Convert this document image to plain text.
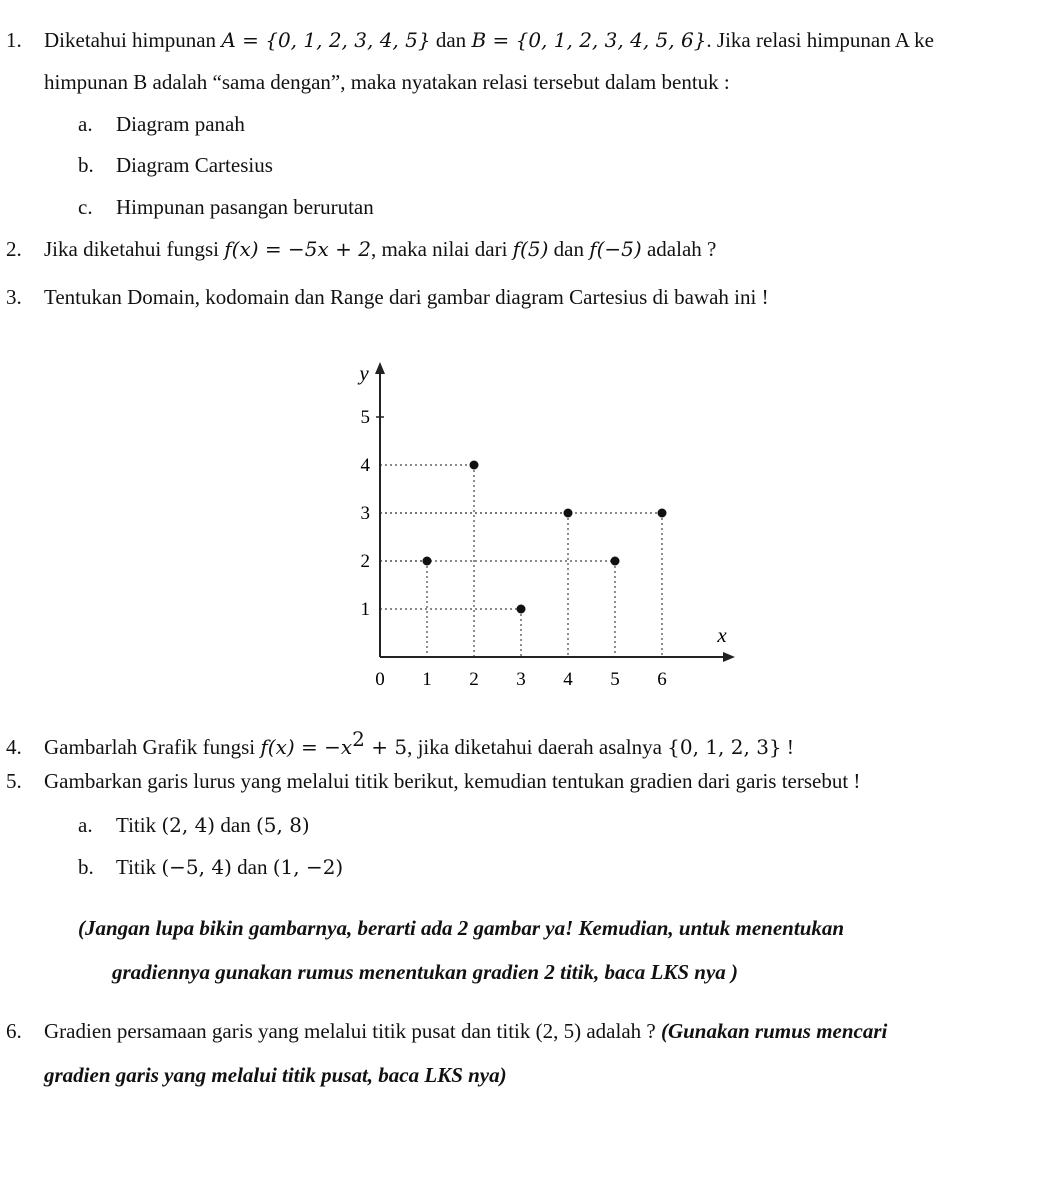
1. Diketahui himpunan A = {0, 1, 2, 3, 4, 5} dan B = {0, 1, 2, 3, 4, 5, 6}. Jika relasi himpunan A ke
himpunan B adalah “sama dengan”, maka nyatakan relasi tersebut dalam bentuk :
a. Diagram panah
b. Diagram Cartesius
c. Himpunan pasangan berurutan
2. Jika diketahui fungsi f(x) = −5x + 2, maka nilai dari f(5) dan f(−5) adalah ?
3. Tentukan Domain, kodomain dan Range dari gambar diagram Cartesius di bawah ini !
0 1 2 3 4 5 6
1
2
3
4
5
y
x
4. Gambarlah Grafik fungsi $f(x) = -x^2 + 5$, jika diketahui daerah asalnya {0, 1, 2, 3} !
5. Gambarkan garis lurus yang melalui titik berikut, kemudian tentukan gradien dari garis tersebut !
a. Titik (2, 4) dan (5, 8)
b. Titik (−5, 4) dan (1, −2)
(Jangan lupa bikin gambarnya, berarti ada 2 gambar ya! Kemudian, untuk menentukan
gradiennya gunakan rumus menentukan gradien 2 titik, baca LKS nya )
6. Gradien persamaan garis yang melalui titik pusat dan titik (2, 5) adalah ? (Gunakan rumus mencari
gradien garis yang melalui titik pusat, baca LKS nya)
